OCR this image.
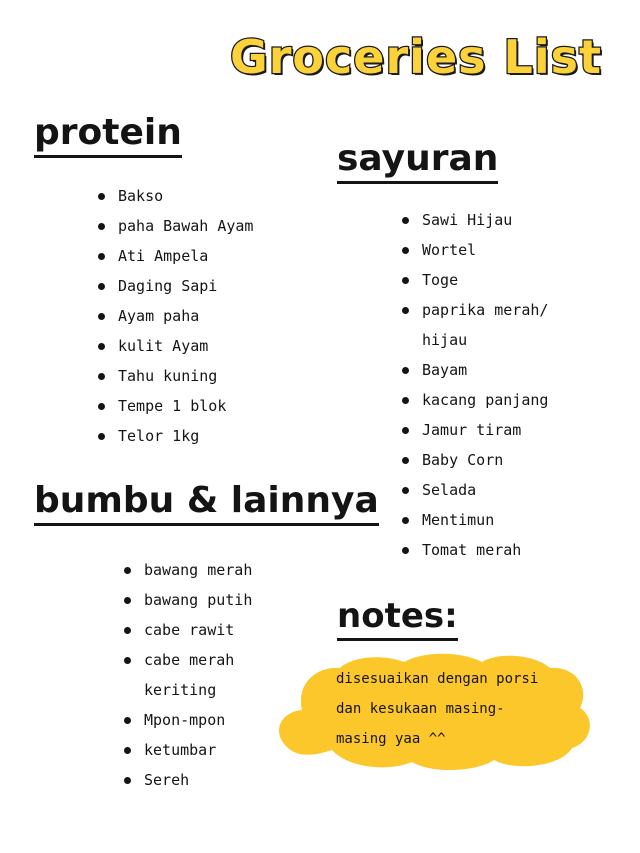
Groceries List
protein
Bakso
paha Bawah Ayam
Ati Ampela
Daging Sapi
Ayam paha
kulit Ayam
Tahu kuning
Tempe 1 blok
Telor 1kg
sayuran
Sawi Hijau
Wortel
Toge
paprika merah/
hijau
Bayam
kacang panjang
Jamur tiram
Baby Corn
Selada
Mentimun
Tomat merah
bumbu & lainnya
bawang merah
bawang putih
cabe rawit
cabe merah
keriting
Mpon-mpon
ketumbar
Sereh
notes:
disesuaikan dengan porsi
dan kesukaan masing-
masing yaa ^^
